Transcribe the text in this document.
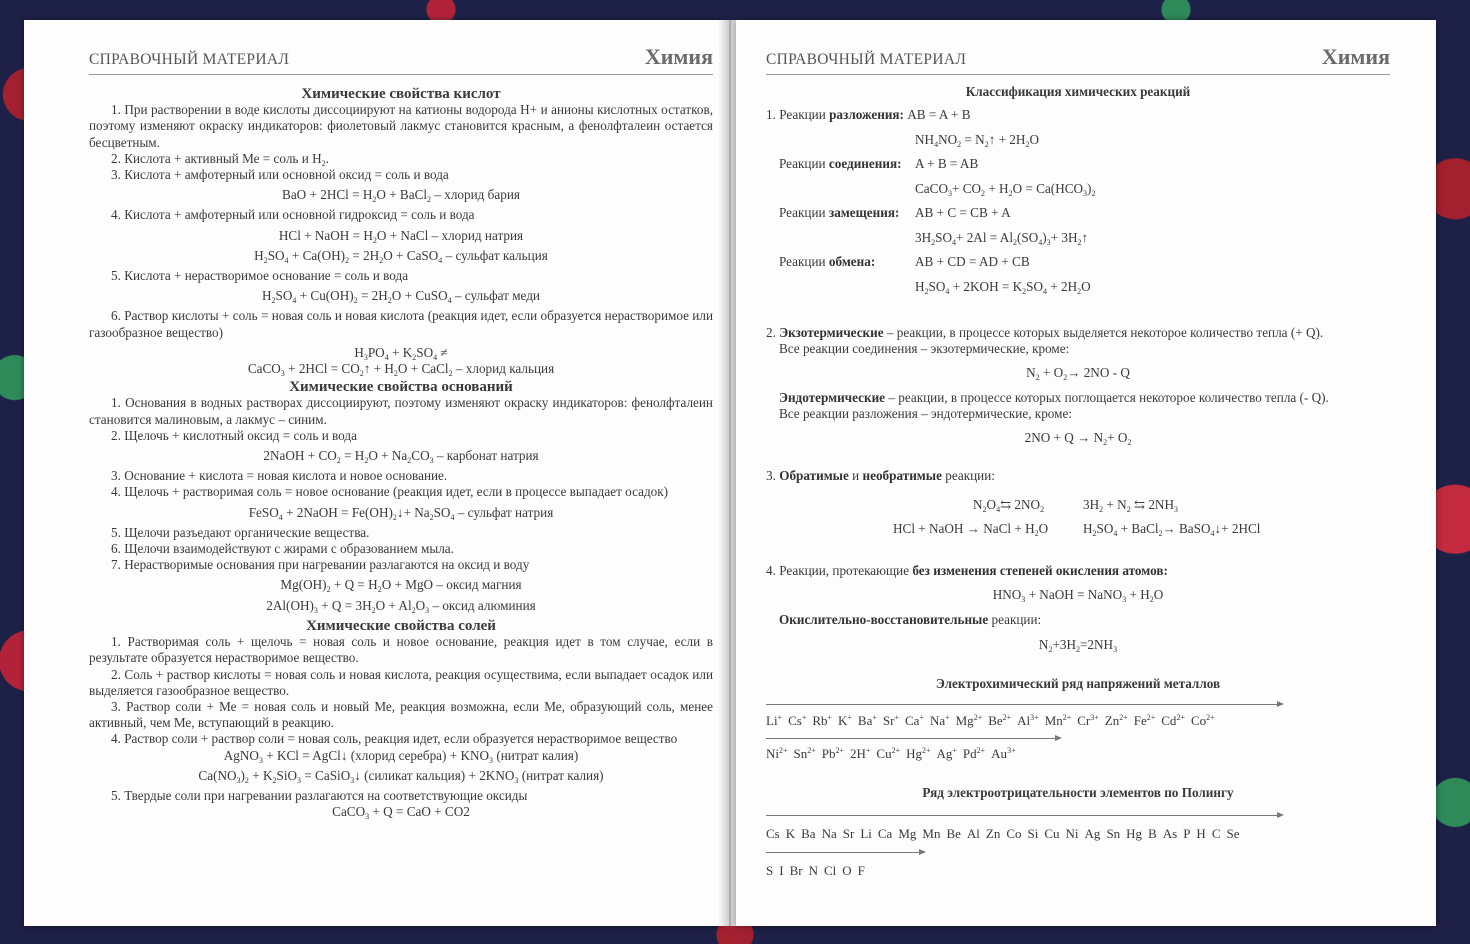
СПРАВОЧНЫЙ МАТЕРИАЛ	Химия

Химические свойства кислот

1. При растворении в воде кислоты диссоциируют на катионы водорода Н+ и анионы кислотных остатков, поэтому изменяют окраску индикаторов: фиолетовый лакмус становится красным, а фенолфталеин остается бесцветным.

2. Кислота + активный Ме = соль и $Н_2$.

3. Кислота + амфотерный или основной оксид = соль и вода

BaO + $2HCl = H_2O$ + BaCl$_2$ – хлорид бария

4. Кислота + амфотерный или основной гидроксид = соль и вода

HCl + NaOH = $H_2O$ + NaCl – хлорид натрия

$H_2SO_4 + Ca(OH)_2 = 2H_2O$ + CaSO$_4$ – сульфат кальция

5. Кислота + нерастворимое основание = соль и вода

$H_2SO_4 + Cu(OH)_2 = 2H_2O$ + CuSO$_4$ – сульфат меди

6. Раствор кислоты + соль = новая соль и новая кислота (реакция идет, если образуется нерастворимое или газообразное вещество)

$H_3PO_4 + K_2SO_4$ ≠

CaCO$_3$ + $2HCl = CO_2↑ + H_2O$ + CaCl$_2$ – хлорид кальция

Химические свойства оснований

1. Основания в водных растворах диссоциируют, поэтому изменяют окраску индикаторов: фенолфталеин становится малиновым, а лакмус – синим.

2. Щелочь + кислотный оксид = соль и вода

2NaOH + $CO_2 = H_2O + Na_2CO_3$ – карбонат натрия

3. Основание + кислота = новая кислота и новое основание.

4. Щелочь + растворимая соль = новое основание (реакция идет, если в процессе выпадает осадок)

FeSO$_4$ + 2NaOH = $Fe(OH)_2↓+ Na_2SO_4$ – сульфат натрия

5. Щелочи разъедают органические вещества.

6. Щелочи взаимодействуют с жирами с образованием мыла.

7. Нерастворимые основания при нагревании разлагаются на оксид и воду

$Mg(OH)_2 + Q = H_2O$ + MgO – оксид магния

$2Al(OH)_3 + Q = 3H_2O + Al_2O_3$ – оксид алюминия

Химические свойства солей

1. Растворимая соль + щелочь = новая соль и новое основание, реакция идет в том случае, если в результате образуется нерастворимое вещество.

2. Соль + раствор кислоты = новая соль и новая кислота, реакция осуществима, если выпадает осадок или выделяется газообразное вещество.

3. Раствор соли + Ме = новая соль и новый Ме, реакция возможна, если Ме, образующий соль, менее активный, чем Ме, вступающий в реакцию.

4. Раствор соли + раствор соли = новая соль, реакция идет, если образуется нерастворимое вещество

AgNO$_3$ + KCl = AgCl↓ (хлорид серебра) + $KNO_3$ (нитрат калия)

$Ca(NO_3)_2 + K_2SiO_3$ = CaSiO$_3$↓ (силикат кальция) + $2KNO_3$ (нитрат калия)

5. Твердые соли при нагревании разлагаются на соответствующие оксиды

CaCO$_3$ + Q = CaO + CO2

СПРАВОЧНЫЙ МАТЕРИАЛ	Химия
Классификация химических реакций
1. Реакции разложения: AB = A + B
$NH_4NO_2$ = $N_2↑ + 2H_2O$
Реакции соединения: A + B = AB
CaCO$_3$+ $CO_2 + H_2O = Ca(HCO_3)_2$
Реакции замещения: AB + C = CB + A
$3H_2SO_4+ 2Al = Al_2(SO_4)_3+$ $3H_2↑$
Реакции обмена:	AB + CD = AD + CB
$H_2SO_4 + 2KOH = K_2SO_4 + 2H_2O$
2. Экзотермические – реакции, в процессе которых выделяется некоторое количество тепла (+ Q).
Все реакции соединения – экзотермические, кроме:
$N_2 + O_2\to 2NO - Q$
Эндотермические – реакции, в процессе которых поглощается некоторое количество тепла (- Q).
Все реакции разложения – эндотермические, кроме:
$2NO + Q \to N_2+ O_2$
3. Обратимые и необратимые реакции:
$N_2O_4⇆$ $2NO_2$	$3H_2 + N_2$ ⇆ $2NH_3$
HCl + NaOH → NaCl + $H_2O$	$H_2SO_4$ + BaCl$_2$→ BaSO$_4$↓+ 2HCl
4. Реакции, протекающие без изменения степеней окисления атомов:
$HNO_3$ + NaOH = NaNO$_3$ + $H_2O$
Окислительно-восстановительные реакции:
$N_2+3H_2=2NH_3$
Электрохимический ряд напряжений металлов
Li+ Cs+ Rb+ K+ Ba+ Sr+ Ca+ Na+ $Mg^{2+}$ $Be^{2+}$ $Al^{3+}$ $Mn^{2+}$ $Cr^{3+}$ $Zn^{2+}$ $Fe^{2+}$ $Cd^{2+}$ $Co^{2+}$
$Ni^{2+}$ $Sn^{2+}$ $Pb^{2+}$ 2H+ $Cu^{2+}$ $Hg^{2+}$ Ag+ $Pd^{2+}$ $Au^{3+}$
Ряд электроотрицательности элементов по Полингу
Cs K Ba Na Sr Li Ca Mg Mn Be Al Zn Co Si Cu Ni Ag Sn Hg B As P H C Se
S I Br N Cl O F
